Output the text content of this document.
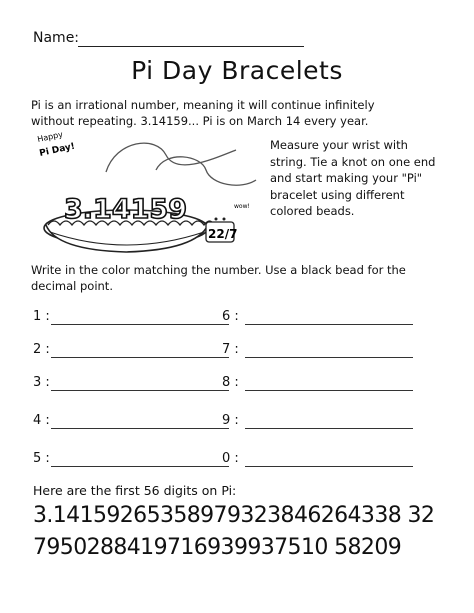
Name:
Pi Day Bracelets

Pi is an irrational number, meaning it will continue infinitely

without repeating. 3.14159... Pi is on March 14 every year.

Happy
Pi Day!
3.14159	wow!
22/7
Measure your wrist with string. Tie a knot on one end and start making your "Pi" bracelet using different colored beads.
Write in the color matching the number. Use a black bead for the decimal point.
1 :
2 :
3 :
4 :
5 :
6 :
7 :
8 :
9 :
0 :
Here are the first 56 digits on Pi:
3.14159265358979323846264338 32
7950288419716939937510 58209
